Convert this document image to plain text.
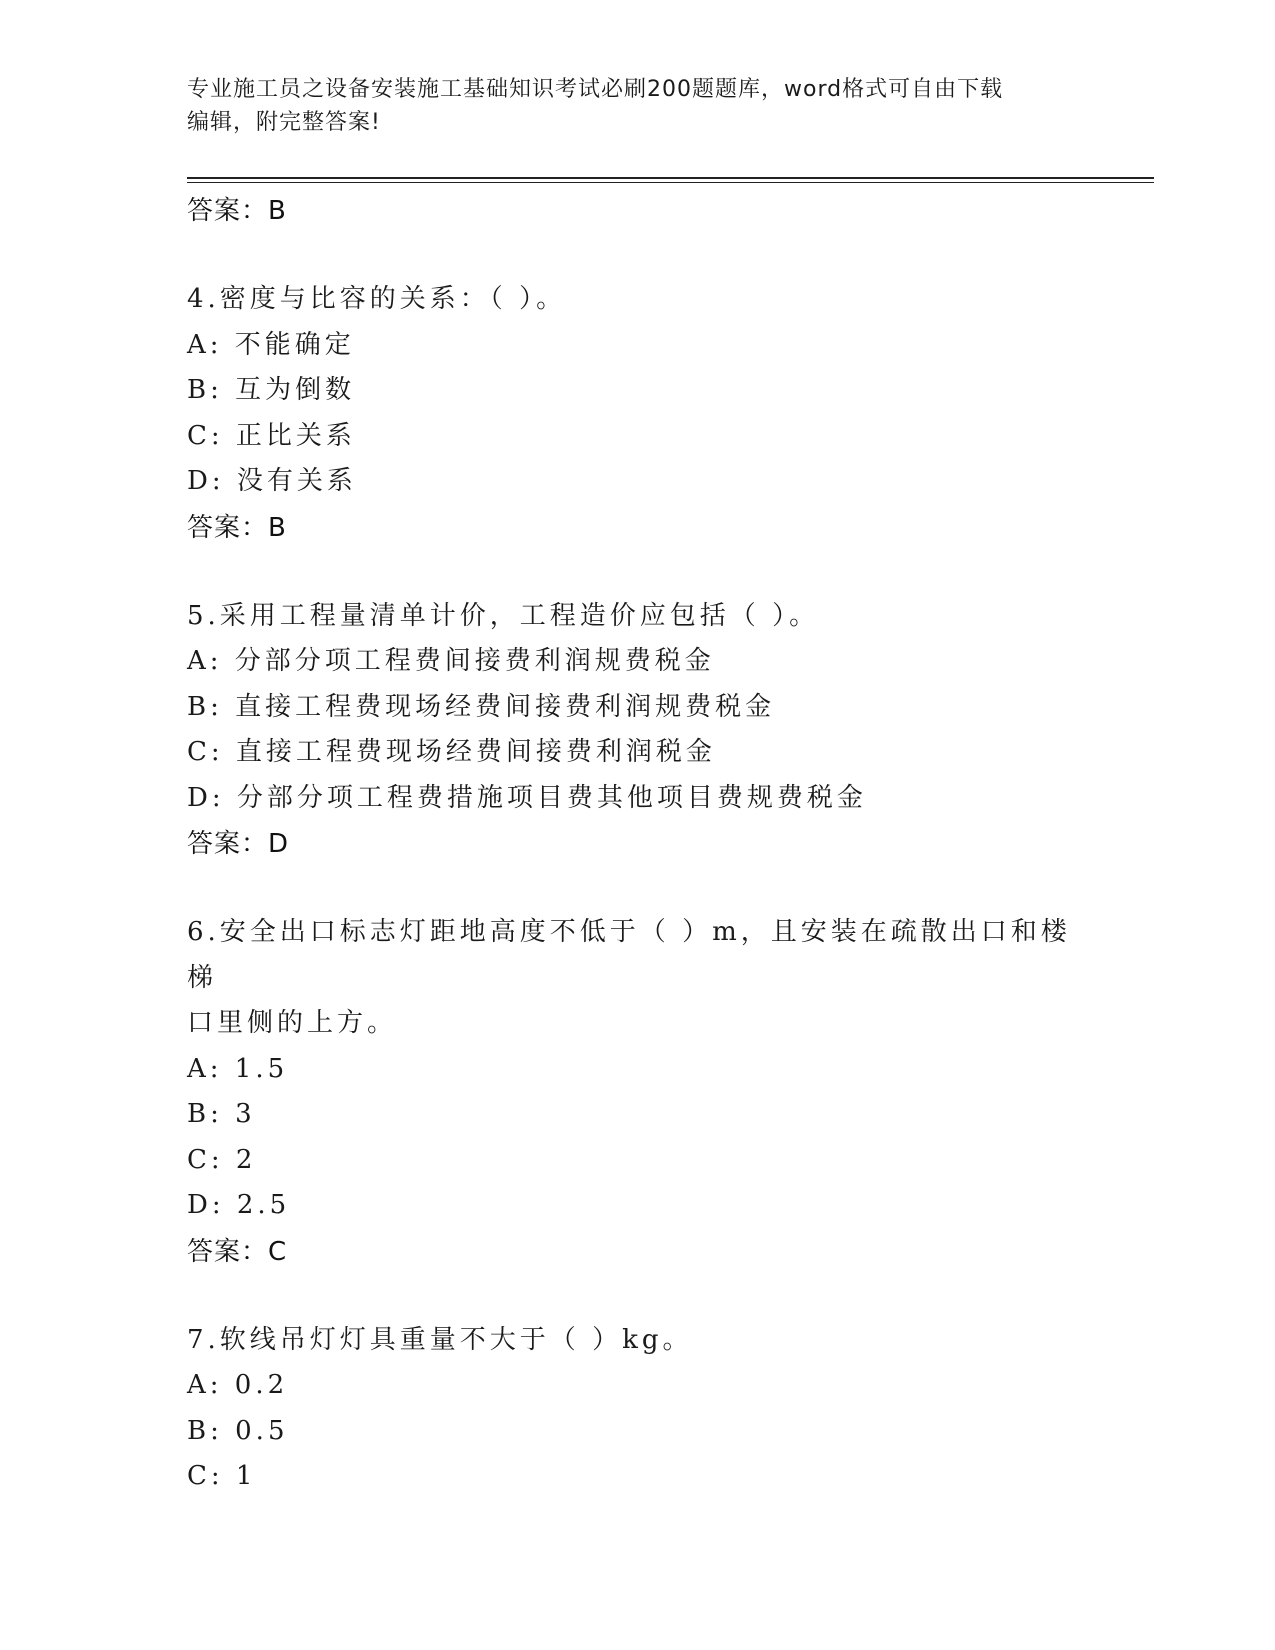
专业施工员之设备安装施工基础知识考试必刷200题题库，word格式可自由下载
编辑，附完整答案!
答案：B
4.密度与比容的关系：（ ）。
A: 不能确定
B: 互为倒数
C: 正比关系
D: 没有关系
答案：B
5.采用工程量清单计价，工程造价应包括（ ）。
A: 分部分项工程费间接费利润规费税金
B: 直接工程费现场经费间接费利润规费税金
C: 直接工程费现场经费间接费利润税金
D: 分部分项工程费措施项目费其他项目费规费税金
答案：D
6.安全出口标志灯距地高度不低于（ ）m，且安装在疏散出口和楼梯
口里侧的上方。
A: 1.5
B: 3
C: 2
D: 2.5
答案：C
7.软线吊灯灯具重量不大于（ ）kg。
A: 0.2
B: 0.5
C: 1
